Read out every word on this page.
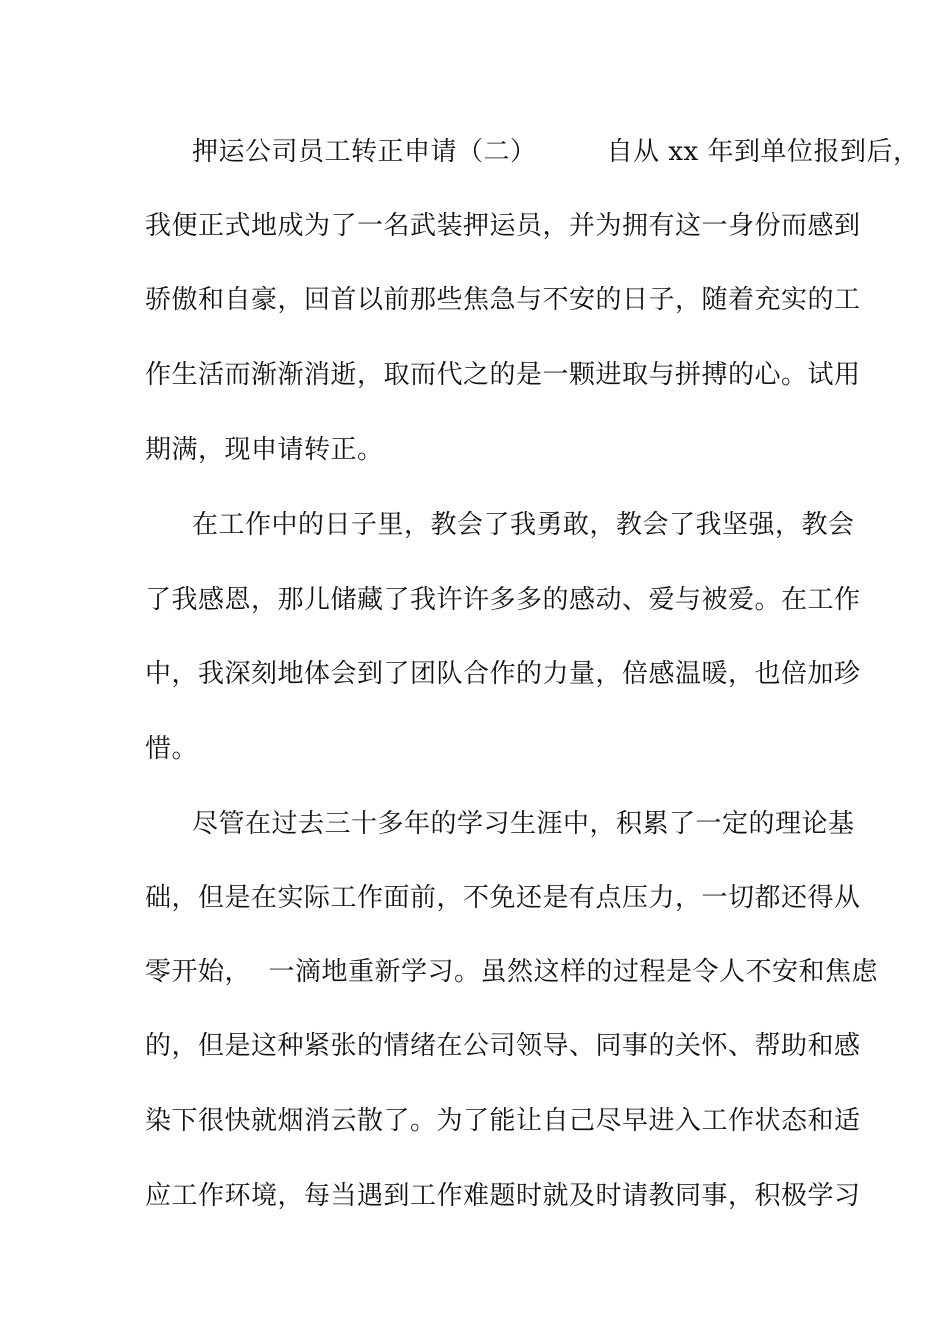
押运公司员工转正申请（二）        自从 xx 年到单位报到后，
我便正式地成为了一名武装押运员，并为拥有这一身份而感到
骄傲和自豪，回首以前那些焦急与不安的日子，随着充实的工
作生活而渐渐消逝，取而代之的是一颗进取与拼搏的心。试用
期满，现申请转正。
在工作中的日子里，教会了我勇敢，教会了我坚强，教会
了我感恩，那儿储藏了我许许多多的感动、爱与被爱。在工作
中，我深刻地体会到了团队合作的力量，倍感温暖，也倍加珍
惜。
尽管在过去三十多年的学习生涯中，积累了一定的理论基
础，但是在实际工作面前，不免还是有点压力，一切都还得从
零开始，  一滴地重新学习。虽然这样的过程是令人不安和焦虑
的，但是这种紧张的情绪在公司领导、同事的关怀、帮助和感
染下很快就烟消云散了。为了能让自己尽早进入工作状态和适
应工作环境，每当遇到工作难题时就及时请教同事，积极学习
